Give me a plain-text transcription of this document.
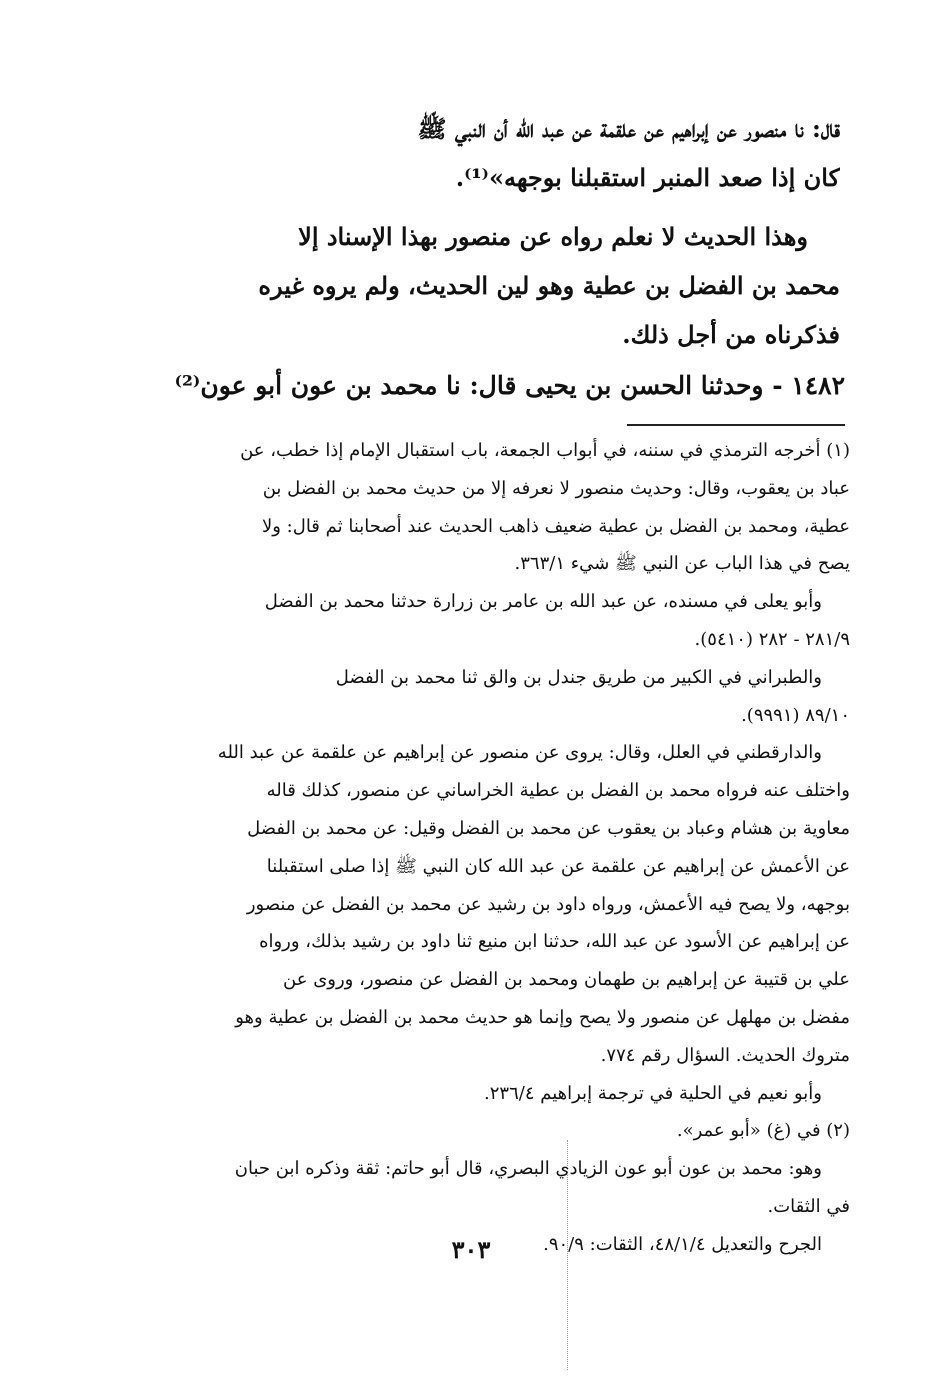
قال: نا منصور عن إبراهيم عن علقمة عن عبد الله أن النبي ﷺ
كان إذا صعد المنبر استقبلنا بوجهه»⁽¹⁾.
وهذا الحديث لا نعلم رواه عن منصور بهذا الإسناد إلا
محمد بن الفضل بن عطية وهو لين الحديث، ولم يروه غيره
فذكرناه من أجل ذلك.
١٤٨٢ - وحدثنا الحسن بن يحيى قال: نا محمد بن عون أبو عون⁽²⁾
(١) أخرجه الترمذي في سننه، في أبواب الجمعة، باب استقبال الإمام إذا خطب، عن
عباد بن يعقوب، وقال: وحديث منصور لا نعرفه إلا من حديث محمد بن الفضل بن
عطية، ومحمد بن الفضل بن عطية ضعيف ذاهب الحديث عند أصحابنا ثم قال: ولا
يصح في هذا الباب عن النبي ﷺ شيء ٣٦٣/١.
وأبو يعلى في مسنده، عن عبد الله بن عامر بن زرارة حدثنا محمد بن الفضل
٢٨١/٩ - ٢٨٢ (٥٤١٠).
والطبراني في الكبير من طريق جندل بن والق ثنا محمد بن الفضل
٨٩/١٠ (٩٩٩١).
والدارقطني في العلل، وقال: يروى عن منصور عن إبراهيم عن علقمة عن عبد الله
واختلف عنه فرواه محمد بن الفضل بن عطية الخراساني عن منصور، كذلك قاله
معاوية بن هشام وعباد بن يعقوب عن محمد بن الفضل وقيل: عن محمد بن الفضل
عن الأعمش عن إبراهيم عن علقمة عن عبد الله كان النبي ﷺ إذا صلى استقبلنا
بوجهه، ولا يصح فيه الأعمش، ورواه داود بن رشيد عن محمد بن الفضل عن منصور
عن إبراهيم عن الأسود عن عبد الله، حدثنا ابن منيع ثنا داود بن رشيد بذلك، ورواه
علي بن قتيبة عن إبراهيم بن طهمان ومحمد بن الفضل عن منصور، وروى عن
مفضل بن مهلهل عن منصور ولا يصح وإنما هو حديث محمد بن الفضل بن عطية وهو
متروك الحديث. السؤال رقم ٧٧٤.
وأبو نعيم في الحلية في ترجمة إبراهيم ٢٣٦/٤.
(٢) في (غ) «أبو عمر».
وهو: محمد بن عون أبو عون الزيادي البصري، قال أبو حاتم: ثقة وذكره ابن حبان
في الثقات.
الجرح والتعديل ٤٨/١/٤، الثقات: ٩٠/٩.
٣٠٣
